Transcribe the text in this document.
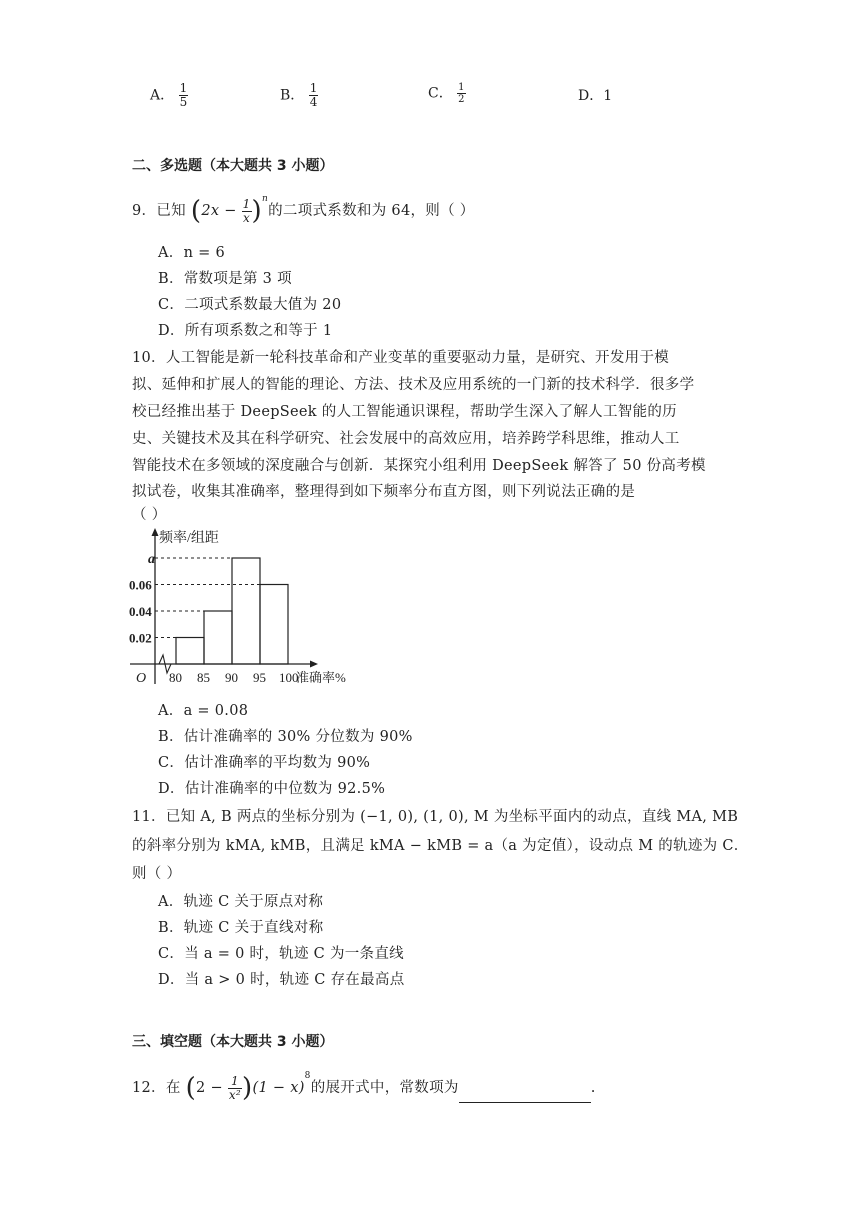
A． $\frac{1}{5}$	B． $\frac{1}{4}$	C． $\frac{1}{2}$	D．1
二、多选题（本大题共 3 小题）
9．已知 $(2x - \frac{1}{x} )^n$的二项式系数和为 64，则（ ）
A．n = 6
B．常数项是第 3 项
C．二项式系数最大值为 20
D．所有项系数之和等于 1
10．人工智能是新一轮科技革命和产业变革的重要驱动力量，是研究、开发用于模
拟、延伸和扩展人的智能的理论、方法、技术及应用系统的一门新的技术科学．很多学
校已经推出基于 DeepSeek 的人工智能通识课程，帮助学生深入了解人工智能的历
史、关键技术及其在科学研究、社会发展中的高效应用，培养跨学科思维，推动人工
智能技术在多领域的深度融合与创新．某探究小组利用 DeepSeek 解答了 50 份高考模
拟试卷，收集其准确率，整理得到如下频率分布直方图，则下列说法正确的是
（ ）
0.02
0.04
a
0.06
80 85 90 95 100
O
频率/组距
准确率%
A．a = 0.08
B．估计准确率的 30% 分位数为 90%
C．估计准确率的平均数为 90%
D．估计准确率的中位数为 92.5%
11．已知 A, B 两点的坐标分别为 (−1, 0), (1, 0), M 为坐标平面内的动点，直线 MA, MB
的斜率分别为 kMA, kMB，且满足 kMA − kMB = a（a 为定值），设动点 M 的轨迹为 C．
则（ ）
A．轨迹 C 关于原点对称
B．轨迹 C 关于直线对称
C．当 a = 0 时，轨迹 C 为一条直线
D．当 a > 0 时，轨迹 C 存在最高点
三、填空题（本大题共 3 小题）
12．在 $(2 - \frac{1}{\text{x²}} )(1 - x)^8$的展开式中，常数项为	.
